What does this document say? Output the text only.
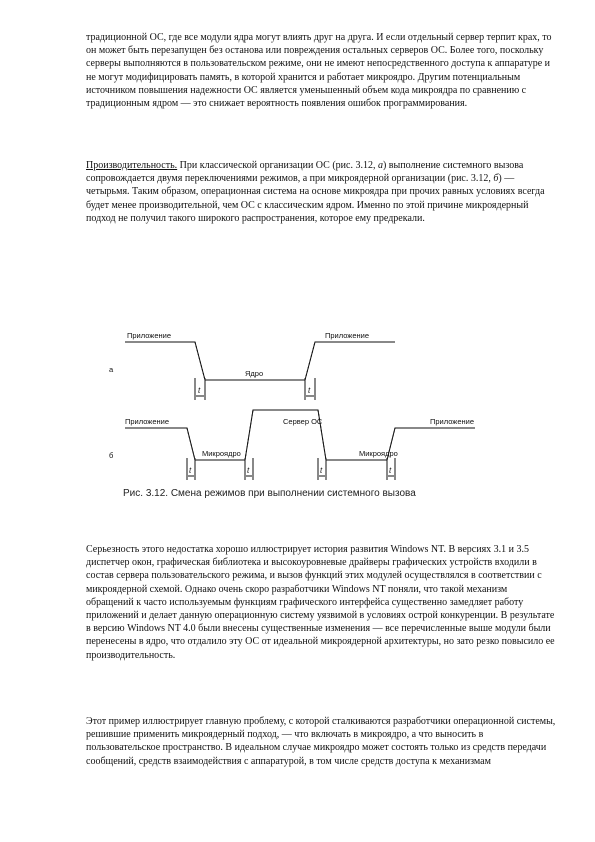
традиционной ОС, где все модули ядра могут влиять друг на друга. И если отдельный сервер терпит крах, то он может быть перезапущен без останова или повреждения остальных серверов ОС. Более того, поскольку серверы выполняются в пользовательском режиме, они не имеют непосредственного доступа к аппаратуре и не могут модифицировать память, в которой хранится и работает микроядро. Другим потенциальным источником повышения надежности ОС является уменьшенный объем кода микроядра по сравнению с традиционным ядром — это снижает вероятность появления ошибок программирования.

Производительность. При классической организации ОС (рис. 3.12, а) выполнение системного вызова сопровождается двумя переключениями режимов, а при микроядерной организации (рис. 3.12, б) — четырьмя. Таким образом, операционная система на основе микроядра при прочих равных условиях всегда будет менее производительной, чем ОС с классическим ядром. Именно по этой причине микроядерный подход не получил такого широкого распространения, которое ему предрекали.

а
Приложение
Ядро
Приложение
t	t
б
Приложение
Микроядро
Сервер ОС
Микроядро
Приложение
t	t	t	t
Рис. 3.12. Смена режимов при выполнении системного вызова

Серьезность этого недостатка хорошо иллюстрирует история развития Windows NT. В версиях 3.1 и 3.5 диспетчер окон, графическая библиотека и высокоуровневые драйверы графических устройств входили в состав сервера пользовательского режима, и вызов функций этих модулей осуществлялся в соответствии с микроядерной схемой. Однако очень скоро разработчики Windows NT поняли, что такой механизм обращений к часто используемым функциям графического интерфейса существенно замедляет работу приложений и делает данную операционную систему уязвимой в условиях острой конкуренции. В результате в версию Windows NT 4.0 были внесены существенные изменения — все перечисленные выше модули были перенесены в ядро, что отдалило эту ОС от идеальной микроядерной архитектуры, но зато резко повысило ее производительность.

Этот пример иллюстрирует главную проблему, с которой сталкиваются разработчики операционной системы, решившие применить микроядерный подход, — что включать в микроядро, а что выносить в пользовательское пространство. В идеальном случае микроядро может состоять только из средств передачи сообщений, средств взаимодействия с аппаратурой, в том числе средств доступа к механизмам
